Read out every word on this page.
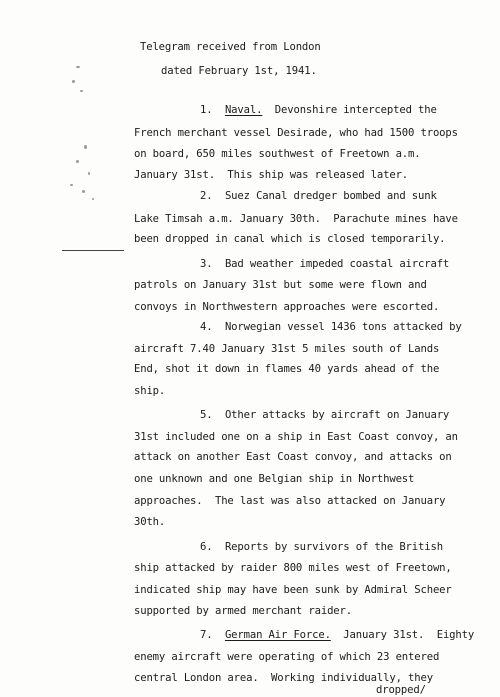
Telegram received from London
dated February 1st, 1941.
1. Naval. Devonshire intercepted the
French merchant vessel Desirade, who had 1500 troops
on board, 650 miles southwest of Freetown a.m.
January 31st.  This ship was released later.
2. Suez Canal dredger bombed and sunk
Lake Timsah a.m. January 30th.  Parachute mines have
been dropped in canal which is closed temporarily.
3. Bad weather impeded coastal aircraft
patrols on January 31st but some were flown and
convoys in Northwestern approaches were escorted.
4. Norwegian vessel 1436 tons attacked by
aircraft 7.40 January 31st 5 miles south of Lands
End, shot it down in flames 40 yards ahead of the
ship.
5. Other attacks by aircraft on January
31st included one on a ship in East Coast convoy, an
attack on another East Coast convoy, and attacks on
one unknown and one Belgian ship in Northwest
approaches.  The last was also attacked on January
30th.
6. Reports by survivors of the British
ship attacked by raider 800 miles west of Freetown,
indicated ship may have been sunk by Admiral Scheer
supported by armed merchant raider.
7. German Air Force. January 31st.  Eighty
enemy aircraft were operating of which 23 entered
central London area.  Working individually, they
dropped/
